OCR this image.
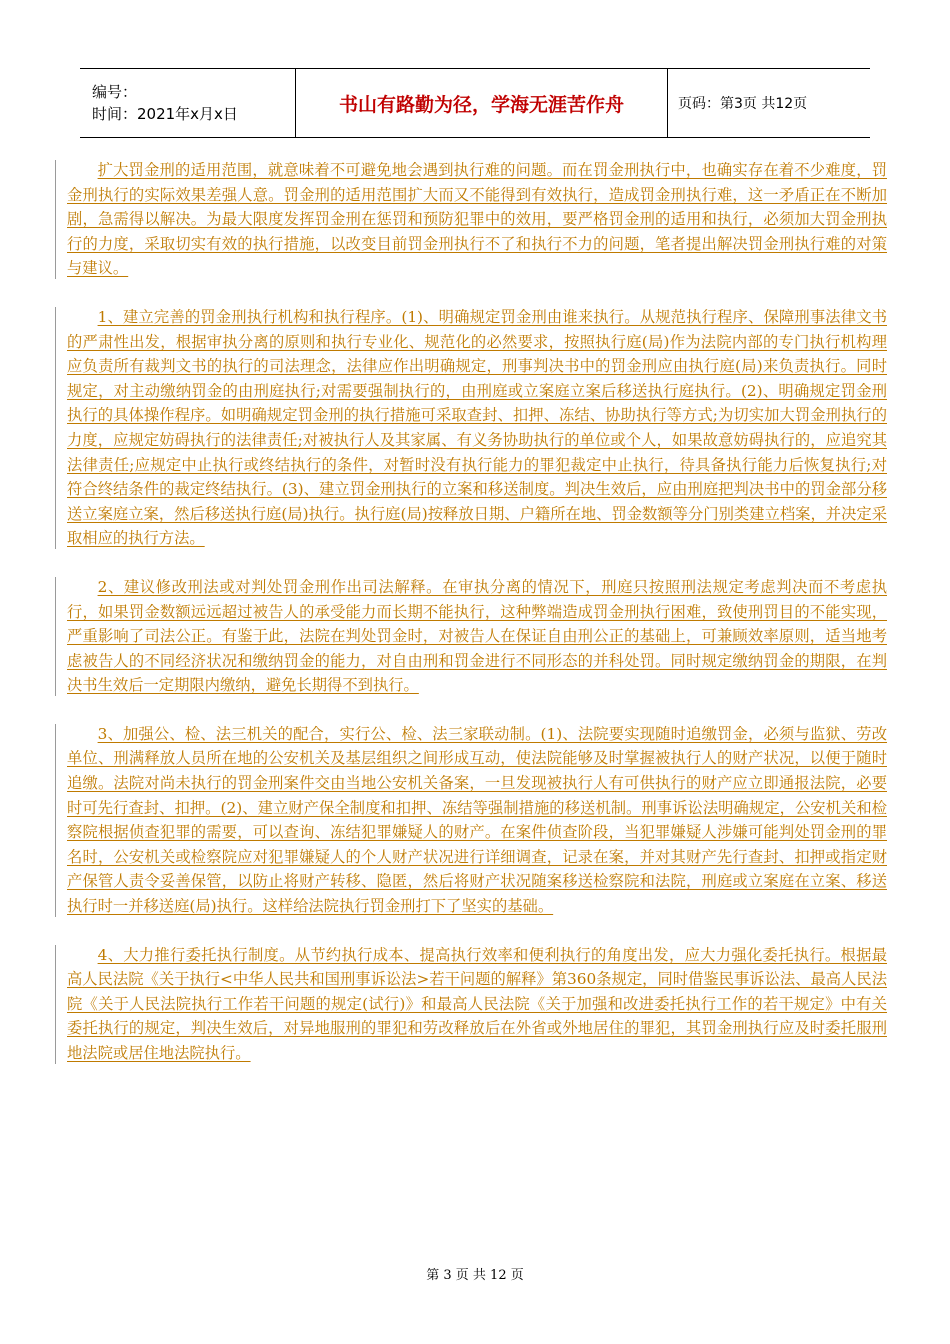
编号：
时间：2021年x月x日	书山有路勤为径，学海无涯苦作舟	页码：第3页 共12页

扩大罚金刑的适用范围，就意味着不可避免地会遇到执行难的问题。而在罚金刑执行中，也确实存在着不少难度，罚金刑执行的实际效果差强人意。罚金刑的适用范围扩大而又不能得到有效执行，造成罚金刑执行难，这一矛盾正在不断加剧，急需得以解决。为最大限度发挥罚金刑在惩罚和预防犯罪中的效用，要严格罚金刑的适用和执行，必须加大罚金刑执行的力度，采取切实有效的执行措施，以改变目前罚金刑执行不了和执行不力的问题，笔者提出解决罚金刑执行难的对策与建议。

1、建立完善的罚金刑执行机构和执行程序。(1)、明确规定罚金刑由谁来执行。从规范执行程序、保障刑事法律文书的严肃性出发，根据审执分离的原则和执行专业化、规范化的必然要求，按照执行庭(局)作为法院内部的专门执行机构理应负责所有裁判文书的执行的司法理念，法律应作出明确规定，刑事判决书中的罚金刑应由执行庭(局)来负责执行。同时规定，对主动缴纳罚金的由刑庭执行;对需要强制执行的，由刑庭或立案庭立案后移送执行庭执行。(2)、明确规定罚金刑执行的具体操作程序。如明确规定罚金刑的执行措施可采取查封、扣押、冻结、协助执行等方式;为切实加大罚金刑执行的力度，应规定妨碍执行的法律责任;对被执行人及其家属、有义务协助执行的单位或个人，如果故意妨碍执行的，应追究其法律责任;应规定中止执行或终结执行的条件，对暂时没有执行能力的罪犯裁定中止执行，待具备执行能力后恢复执行;对符合终结条件的裁定终结执行。(3)、建立罚金刑执行的立案和移送制度。判决生效后，应由刑庭把判决书中的罚金部分移送立案庭立案，然后移送执行庭(局)执行。执行庭(局)按释放日期、户籍所在地、罚金数额等分门别类建立档案，并决定采取相应的执行方法。

2、建议修改刑法或对判处罚金刑作出司法解释。在审执分离的情况下，刑庭只按照刑法规定考虑判决而不考虑执行，如果罚金数额远远超过被告人的承受能力而长期不能执行，这种弊端造成罚金刑执行困难，致使刑罚目的不能实现，严重影响了司法公正。有鉴于此，法院在判处罚金时，对被告人在保证自由刑公正的基础上，可兼顾效率原则，适当地考虑被告人的不同经济状况和缴纳罚金的能力，对自由刑和罚金进行不同形态的并科处罚。同时规定缴纳罚金的期限，在判决书生效后一定期限内缴纳，避免长期得不到执行。

3、加强公、检、法三机关的配合，实行公、检、法三家联动制。(1)、法院要实现随时追缴罚金，必须与监狱、劳改单位、刑满释放人员所在地的公安机关及基层组织之间形成互动，使法院能够及时掌握被执行人的财产状况，以便于随时追缴。法院对尚未执行的罚金刑案件交由当地公安机关备案，一旦发现被执行人有可供执行的财产应立即通报法院，必要时可先行查封、扣押。(2)、建立财产保全制度和扣押、冻结等强制措施的移送机制。刑事诉讼法明确规定，公安机关和检察院根据侦查犯罪的需要，可以查询、冻结犯罪嫌疑人的财产。在案件侦查阶段，当犯罪嫌疑人涉嫌可能判处罚金刑的罪名时，公安机关或检察院应对犯罪嫌疑人的个人财产状况进行详细调查，记录在案，并对其财产先行查封、扣押或指定财产保管人责令妥善保管，以防止将财产转移、隐匿，然后将财产状况随案移送检察院和法院，刑庭或立案庭在立案、移送执行时一并移送庭(局)执行。这样给法院执行罚金刑打下了坚实的基础。

4、大力推行委托执行制度。从节约执行成本、提高执行效率和便利执行的角度出发，应大力强化委托执行。根据最高人民法院《关于执行<中华人民共和国刑事诉讼法>若干问题的解释》第360条规定，同时借鉴民事诉讼法、最高人民法院《关于人民法院执行工作若干问题的规定(试行)》和最高人民法院《关于加强和改进委托执行工作的若干规定》中有关委托执行的规定，判决生效后，对异地服刑的罪犯和劳改释放后在外省或外地居住的罪犯，其罚金刑执行应及时委托服刑地法院或居住地法院执行。

第 3 页 共 12 页
